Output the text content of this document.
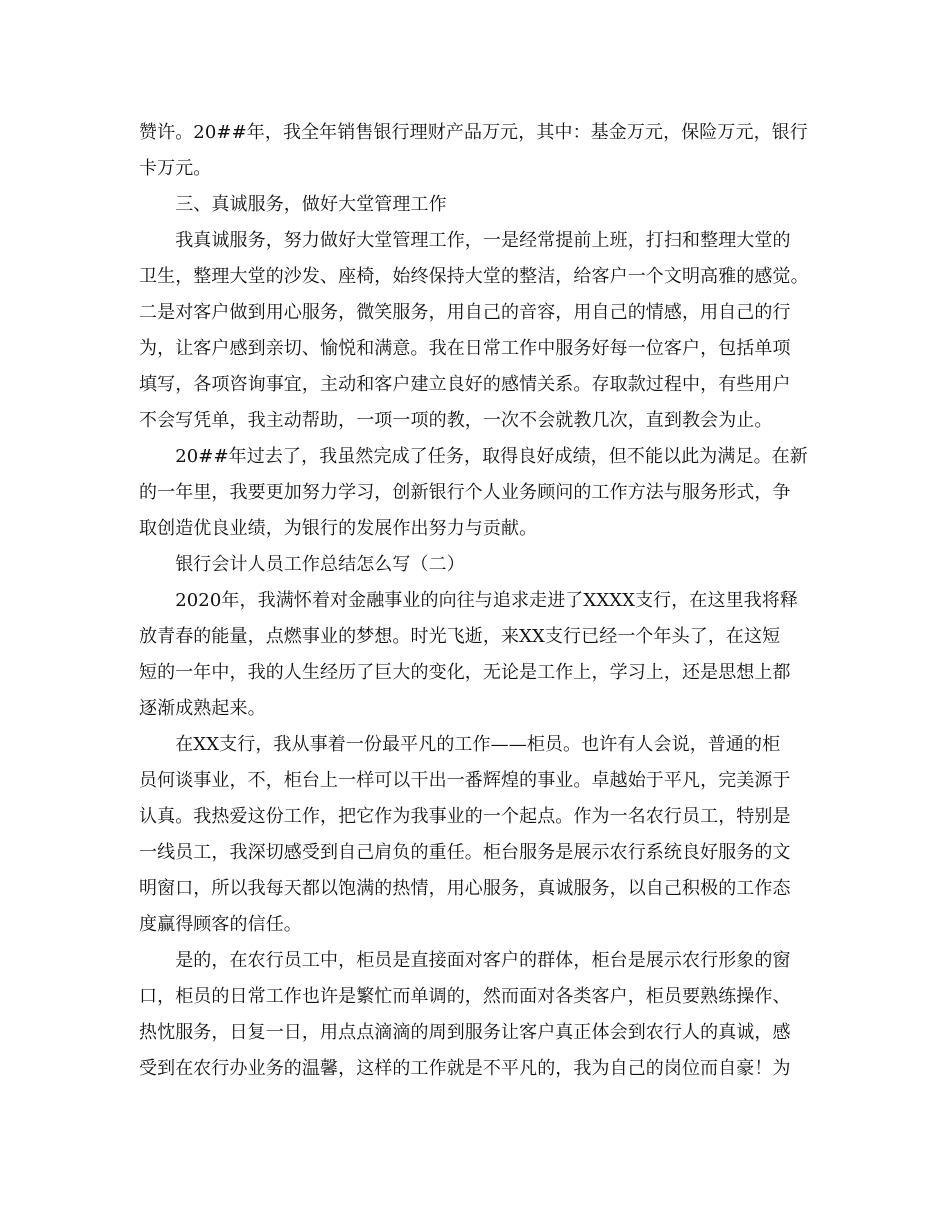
赞许。20##年，我全年销售银行理财产品万元，其中：基金万元，保险万元，银行
卡万元。
　　三、真诚服务，做好大堂管理工作
　　我真诚服务，努力做好大堂管理工作，一是经常提前上班，打扫和整理大堂的
卫生，整理大堂的沙发、座椅，始终保持大堂的整洁，给客户一个文明高雅的感觉。
二是对客户做到用心服务，微笑服务，用自己的音容，用自己的情感，用自己的行
为，让客户感到亲切、愉悦和满意。我在日常工作中服务好每一位客户，包括单项
填写，各项咨询事宜，主动和客户建立良好的感情关系。存取款过程中，有些用户
不会写凭单，我主动帮助，一项一项的教，一次不会就教几次，直到教会为止。
　　20##年过去了，我虽然完成了任务，取得良好成绩，但不能以此为满足。在新
的一年里，我要更加努力学习，创新银行个人业务顾问的工作方法与服务形式，争
取创造优良业绩，为银行的发展作出努力与贡献。
　　银行会计人员工作总结怎么写（二）
　　2020年，我满怀着对金融事业的向往与追求走进了XXXX支行，在这里我将释
放青春的能量，点燃事业的梦想。时光飞逝，来XX支行已经一个年头了，在这短
短的一年中，我的人生经历了巨大的变化，无论是工作上，学习上，还是思想上都
逐渐成熟起来。
　　在XX支行，我从事着一份最平凡的工作——柜员。也许有人会说，普通的柜
员何谈事业，不，柜台上一样可以干出一番辉煌的事业。卓越始于平凡，完美源于
认真。我热爱这份工作，把它作为我事业的一个起点。作为一名农行员工，特别是
一线员工，我深切感受到自己肩负的重任。柜台服务是展示农行系统良好服务的文
明窗口，所以我每天都以饱满的热情，用心服务，真诚服务，以自己积极的工作态
度赢得顾客的信任。
　　是的，在农行员工中，柜员是直接面对客户的群体，柜台是展示农行形象的窗
口，柜员的日常工作也许是繁忙而单调的，然而面对各类客户，柜员要熟练操作、
热忱服务，日复一日，用点点滴滴的周到服务让客户真正体会到农行人的真诚，感
受到在农行办业务的温馨，这样的工作就是不平凡的，我为自己的岗位而自豪！为
